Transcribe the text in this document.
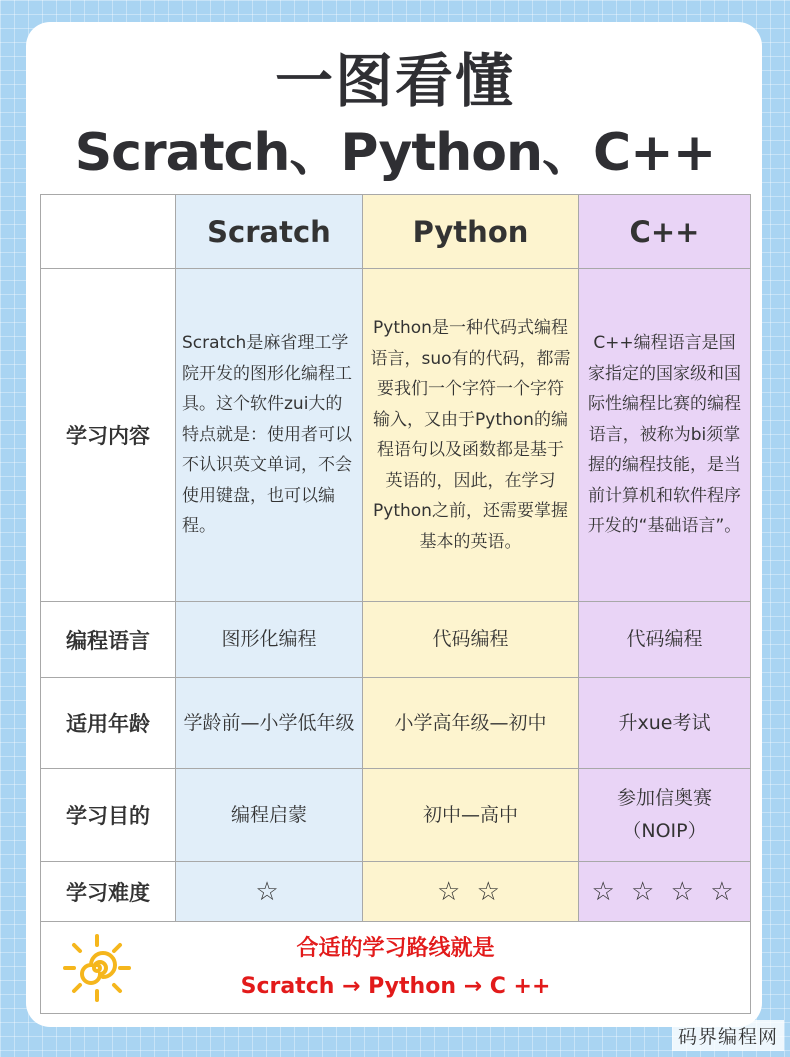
一图看懂
Scratch、Python、C++
	Scratch	Python	C++
学习内容	Scratch是麻省理工学院开发的图形化编程工具。这个软件zui大的特点就是：使用者可以不认识英文单词，不会使用键盘，也可以编程。	Python是一种代码式编程语言，suo有的代码，都需要我们一个字符一个字符输入，又由于Python的编程语句以及函数都是基于英语的，因此，在学习Python之前，还需要掌握基本的英语。	C++编程语言是国家指定的国家级和国际性编程比赛的编程语言，被称为bi须掌握的编程技能，是当前计算机和软件程序开发的“基础语言”。
编程语言	图形化编程	代码编程	代码编程
适用年龄	学龄前—小学低年级	小学高年级—初中	升xue考试
学习目的	编程启蒙	初中—高中	参加信奥赛（NOIP）
学习难度	☆	☆ ☆	☆ ☆ ☆ ☆

合适的学习路线就是
Scratch → Python → C ++			
码界编程网
